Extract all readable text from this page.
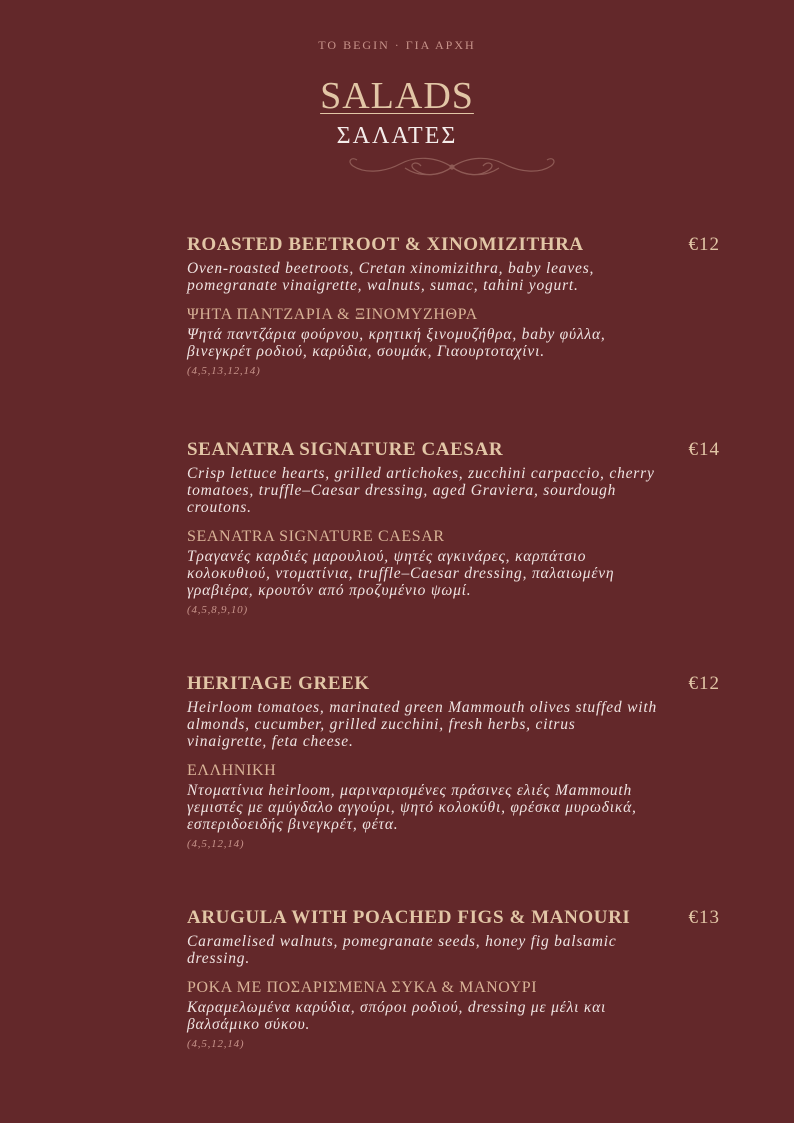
TO BEGIN · ΓΙΑ ΑΡΧΗ
SALADS
ΣΑΛΑΤΕΣ
ROASTED BEETROOT & XINOMIZITHRA	€12
Oven-roasted beetroots, Cretan xinomizithra, baby leaves, pomegranate vinaigrette, walnuts, sumac, tahini yogurt.
ΨΗΤΑ ΠΑΝΤΖΑΡΙΑ & ΞΙΝΟΜΥΖΗΘΡΑ
Ψητά παντζάρια φούρνου, κρητική ξινομυζήθρα, baby φύλλα, βινεγκρέτ ροδιού, καρύδια, σουμάκ, Γιαουρτοταχίνι.
(4,5,13,12,14)
SEANATRA SIGNATURE CAESAR	€14
Crisp lettuce hearts, grilled artichokes, zucchini carpaccio, cherry tomatoes, truffle–Caesar dressing, aged Graviera, sourdough croutons.
SEANATRA SIGNATURE CAESAR
Τραγανές καρδιές μαρουλιού, ψητές αγκινάρες, καρπάτσιο κολοκυθιού, ντοματίνια, truffle–Caesar dressing, παλαιωμένη γραβιέρα, κρουτόν από προζυμένιο ψωμί.
(4,5,8,9,10)
HERITAGE GREEK	€12
Heirloom tomatoes, marinated green Mammouth olives stuffed with almonds, cucumber, grilled zucchini, fresh herbs, citrus vinaigrette, feta cheese.
ΕΛΛΗΝΙΚΗ
Ντοματίνια heirloom, μαριναρισμένες πράσινες ελιές Mammouth γεμιστές με αμύγδαλο αγγούρι, ψητό κολοκύθι, φρέσκα μυρωδικά, εσπεριδοειδής βινεγκρέτ, φέτα.
(4,5,12,14)
ARUGULA WITH POACHED FIGS & MANOURI	€13
Caramelised walnuts, pomegranate seeds, honey fig balsamic dressing.
ΡΟΚΑ ΜΕ ΠΟΣΑΡΙΣΜΕΝΑ ΣΥΚΑ & ΜΑΝΟΥΡΙ
Καραμελωμένα καρύδια, σπόροι ροδιού, dressing με μέλι και βαλσάμικο σύκου.
(4,5,12,14)
